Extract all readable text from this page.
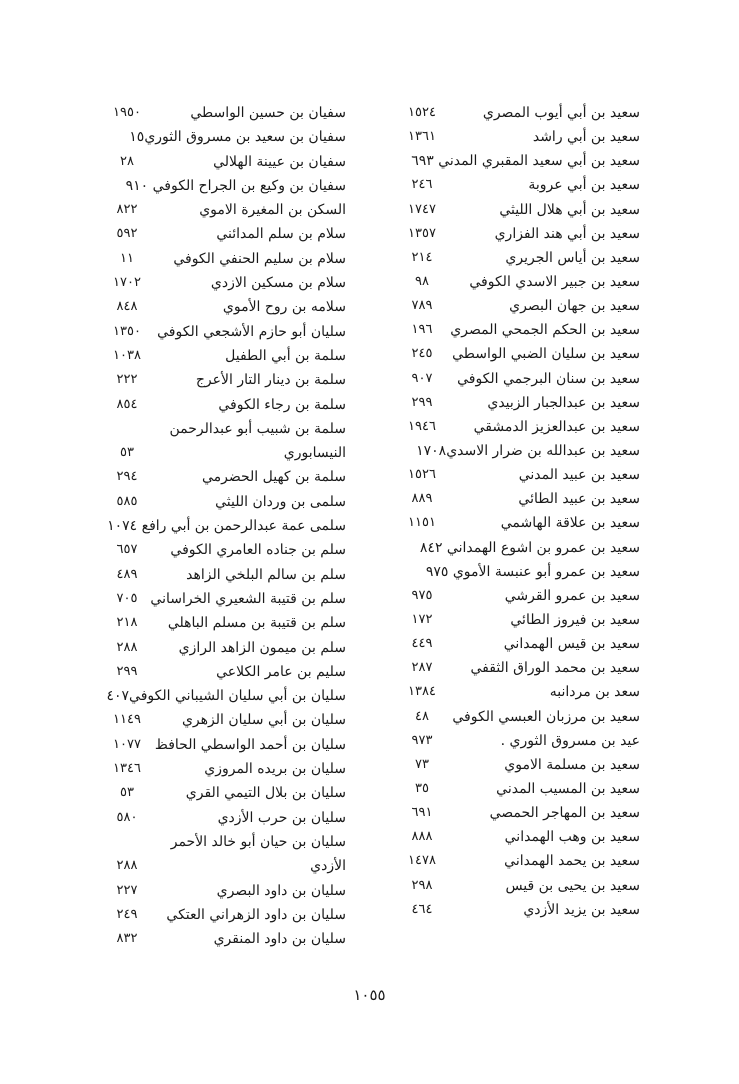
سعيد بن أبي أيوب المصري
١٥٢٤
سعيد بن أبي راشد
١٣٦١
سعيد بن أبي سعيد المقبري المدني ٦٩٣
سعيد بن أبي عروبة
٢٤٦
سعيد بن أبي هلال الليثي
١٧٤٧
سعيد بن أبي هند الفزاري
١٣٥٧
سعيد بن أياس الجريري
٢١٤
سعيد بن جبير الاسدي الكوفي
٩٨
سعيد بن جهان البصري
٧٨٩
سعيد بن الحكم الجمحي المصري
١٩٦
سعيد بن سليان الضبي الواسطي
٢٤٥
سعيد بن سنان البرجمي الكوفي
٩٠٧
سعيد بن عبدالجبار الزبيدي
٢٩٩
سعيد بن عبدالعزيز الدمشقي
١٩٤٦
سعيد بن عبدالله بن ضرار الاسدي١٧٠٨
سعيد بن عبيد المدني
١٥٢٦
سعيد بن عبيد الطائي
٨٨٩
سعيد بن علاقة الهاشمي
١١٥١
سعيد بن عمرو بن اشوع الهمداني ٨٤٢
سعيد بن عمرو أبو عنبسة الأموي ٩٧٥
سعيد بن عمرو القرشي
٩٧٥
سعيد بن فيروز الطائي
١٧٢
سعيد بن قيس الهمداني
٤٤٩
سعيد بن محمد الوراق الثقفي
٢٨٧
سعد بن مردانبه
١٣٨٤
سعيد بن مرزبان العبسي الكوفي
٤٨
. عيد بن مسروق الثوري
٩٧٣
سعيد بن مسلمة الاموي
٧٣
سعيد بن المسيب المدني
٣٥
سعيد بن المهاجر الحمصي
٦٩١
سعيد بن وهب الهمداني
٨٨٨
سعيد بن يحمد الهمداني
١٤٧٨
سعيد بن يحيى بن قيس
٢٩٨
سعيد بن يزيد الأزدي
٤٦٤
سفيان بن حسين الواسطي
١٩٥٠
سفيان بن سعيد بن مسروق الثوري١٥
سفيان بن عيينة الهلالي
٢٨
سفيان بن وكيع بن الجراح الكوفي ٩١٠
السكن بن المغيرة الاموي
٨٢٢
سلام بن سلم المدائني
٥٩٢
سلام بن سليم الحنفي الكوفي
١١
سلام بن مسكين الازدي
١٧٠٢
سلامه بن روح الأموي
٨٤٨
سليان أبو حازم الأشجعي الكوفي
١٣٥٠
سلمة بن أبي الطفيل
١٠٣٨
سلمة بن دينار التار الأعرج
٢٢٢
سلمة بن رجاء الكوفي
٨٥٤
سلمة بن شبيب أبو عبدالرحمن
النيسابوري
٥٣
سلمة بن كهيل الحضرمي
٢٩٤
سلمى بن وردان الليثي
٥٨٥
سلمى عمة عبدالرحمن بن أبي رافع ١٠٧٤
سلم بن جناده العامري الكوفي
٦٥٧
سلم بن سالم البلخي الزاهد
٤٨٩
سلم بن قتيبة الشعيري الخراساني
٧٠٥
سلم بن قتيبة بن مسلم الباهلي
٢١٨
سلم بن ميمون الزاهد الرازي
٢٨٨
سليم بن عامر الكلاعي
٢٩٩
سليان بن أبي سليان الشيباني الكوفي٤٠٧
سليان بن أبي سليان الزهري
١١٤٩
سليان بن أحمد الواسطي الحافظ
١٠٧٧
سليان بن بريده المروزي
١٣٤٦
سليان بن بلال التيمي القري
٥٣
سليان بن حرب الأزدي
٥٨٠
سليان بن حيان أبو خالد الأحمر
الأزدي
٢٨٨
سليان بن داود البصري
٢٢٧
سليان بن داود الزهراني العتكي
٢٤٩
سليان بن داود المنقري
٨٣٢
١٠٥٥
